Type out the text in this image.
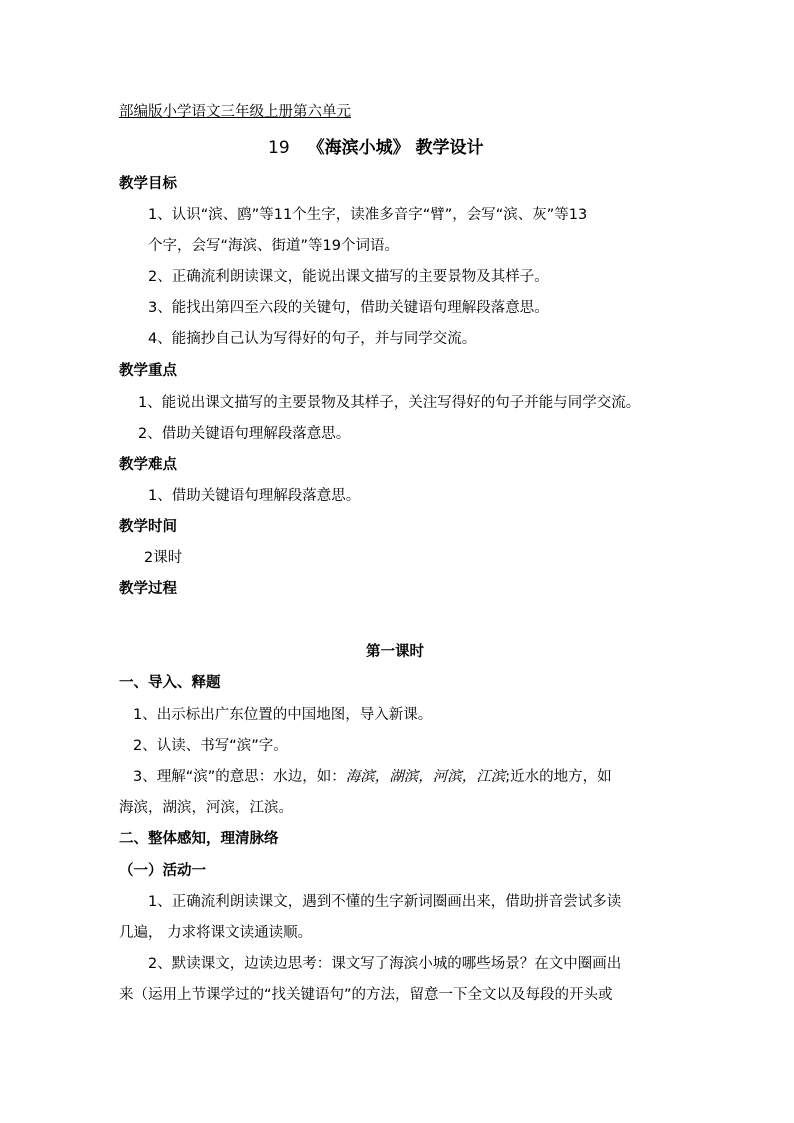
部编版小学语文三年级上册第六单元
19 《海滨小城》 教学设计
教学目标
1、认识“滨、鸥”等11个生字，读准多音字“臂”，会写“滨、灰”等13
个字，会写“海滨、街道”等19个词语。
2、正确流利朗读课文，能说出课文描写的主要景物及其样子。
3、能找出第四至六段的关键句，借助关键语句理解段落意思。
4、能摘抄自己认为写得好的句子，并与同学交流。
教学重点
1、能说出课文描写的主要景物及其样子，关注写得好的句子并能与同学交流。
2、借助关键语句理解段落意思。
教学难点
1、借助关键语句理解段落意思。
教学时间
2课时
教学过程
第一课时
一、导入、释题
1、出示标出广东位置的中国地图，导入新课。
2、认读、书写“滨”字。
3、理解“滨”的意思：水边，如：海滨，湖滨，河滨，江滨;近水的地方，如
海滨，湖滨，河滨，江滨。
二、整体感知，理清脉络
（一）活动一
1、正确流利朗读课文，遇到不懂的生字新词圈画出来，借助拼音尝试多读
几遍， 力求将课文读通读顺。
2、默读课文，边读边思考：课文写了海滨小城的哪些场景？在文中圈画出
来（运用上节课学过的“找关键语句”的方法，留意一下全文以及每段的开头或
